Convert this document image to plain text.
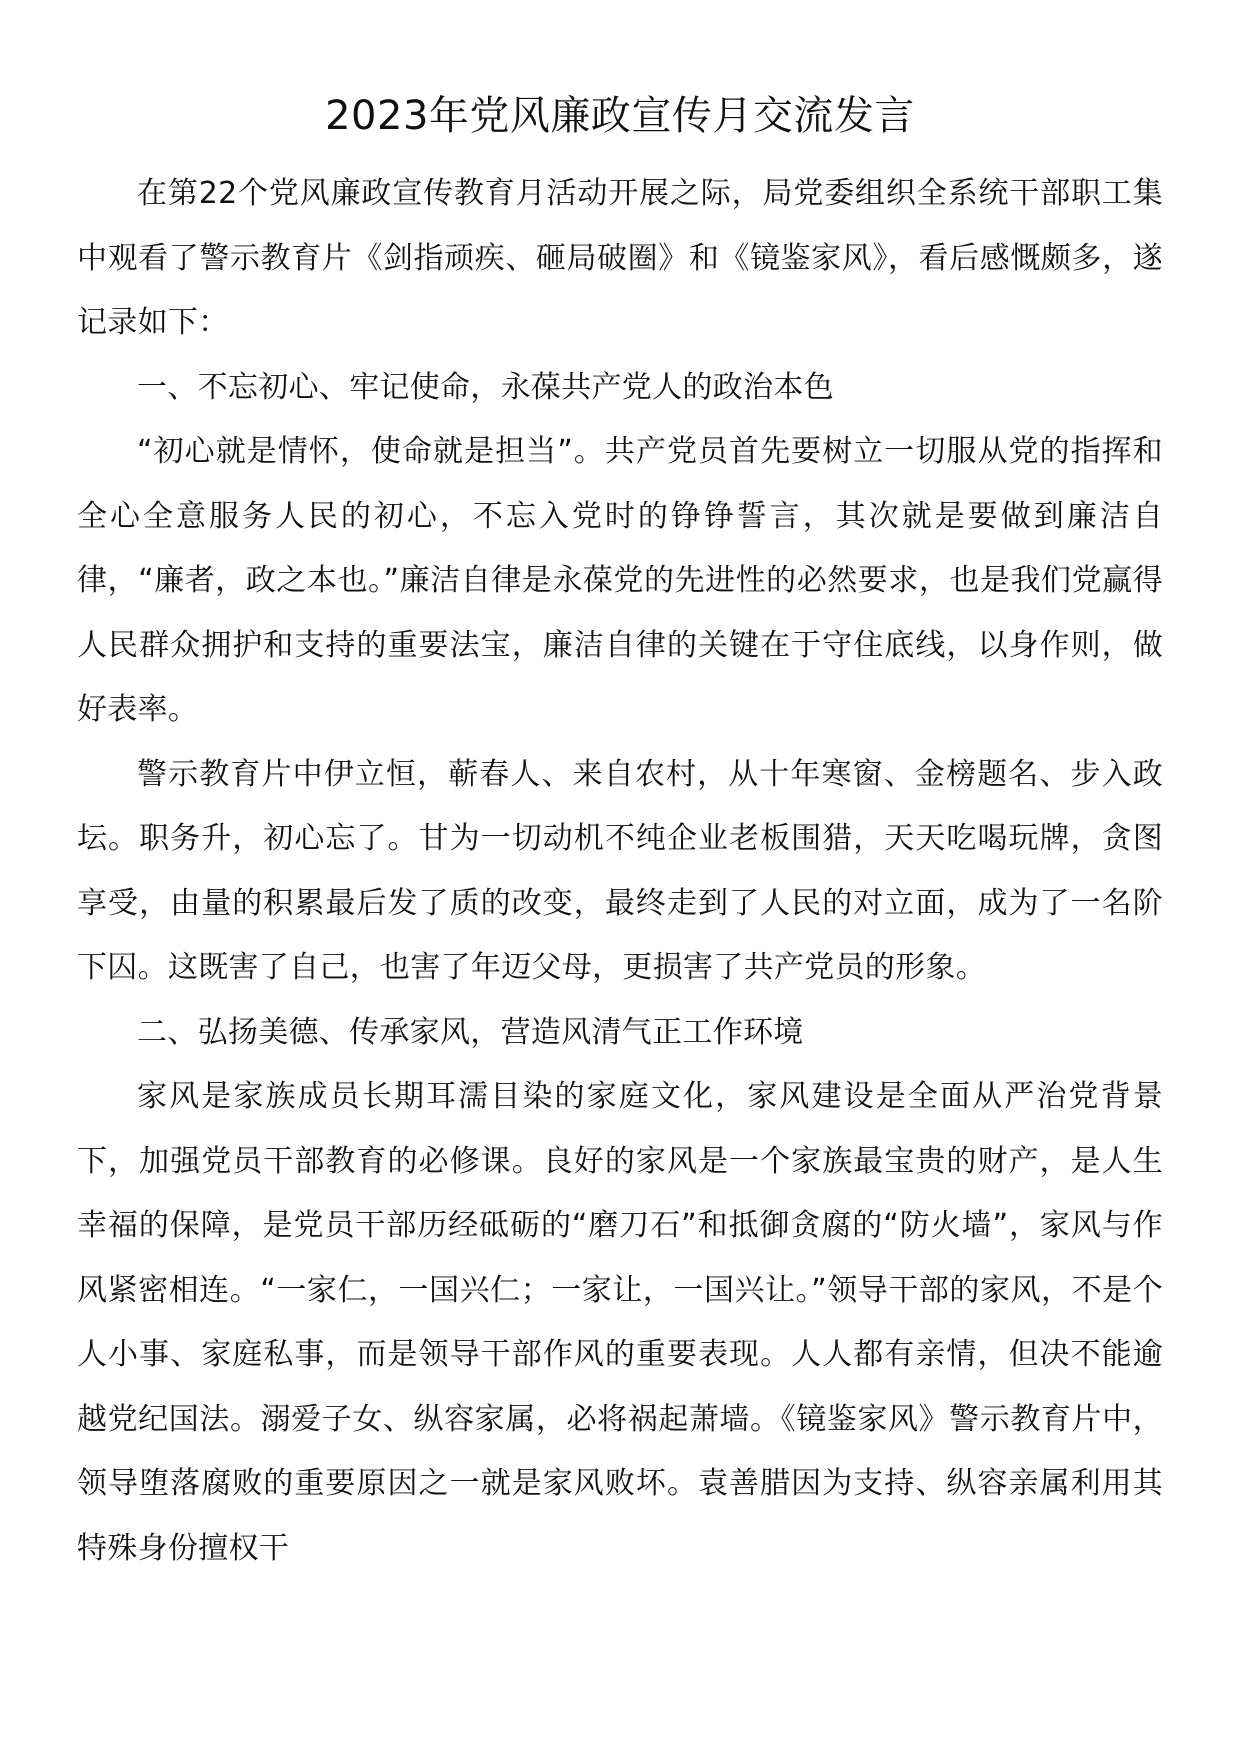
2023年党风廉政宣传月交流发言

在第22个党风廉政宣传教育月活动开展之际，局党委组织全系统干部职工集中观看了警示教育片《剑指顽疾、砸局破圈》和《镜鉴家风》，看后感慨颇多，遂记录如下：

一、不忘初心、牢记使命，永葆共产党人的政治本色

“初心就是情怀，使命就是担当”。共产党员首先要树立一切服从党的指挥和全心全意服务人民的初心，不忘入党时的铮铮誓言，其次就是要做到廉洁自律，“廉者，政之本也。”廉洁自律是永葆党的先进性的必然要求，也是我们党赢得人民群众拥护和支持的重要法宝，廉洁自律的关键在于守住底线，以身作则，做好表率。

警示教育片中伊立恒，蕲春人、来自农村，从十年寒窗、金榜题名、步入政坛。职务升，初心忘了。甘为一切动机不纯企业老板围猎，天天吃喝玩牌，贪图享受，由量的积累最后发了质的改变，最终走到了人民的对立面，成为了一名阶下囚。这既害了自己，也害了年迈父母，更损害了共产党员的形象。

二、弘扬美德、传承家风，营造风清气正工作环境

家风是家族成员长期耳濡目染的家庭文化，家风建设是全面从严治党背景下，加强党员干部教育的必修课。良好的家风是一个家族最宝贵的财产，是人生幸福的保障，是党员干部历经砥砺的“磨刀石”和抵御贪腐的“防火墙”，家风与作风紧密相连。“一家仁，一国兴仁；一家让，一国兴让。”领导干部的家风，不是个人小事、家庭私事，而是领导干部作风的重要表现。人人都有亲情，但决不能逾越党纪国法。溺爱子女、纵容家属，必将祸起萧墙。《镜鉴家风》警示教育片中，领导堕落腐败的重要原因之一就是家风败坏。袁善腊因为支持、纵容亲属利用其特殊身份擅权干
